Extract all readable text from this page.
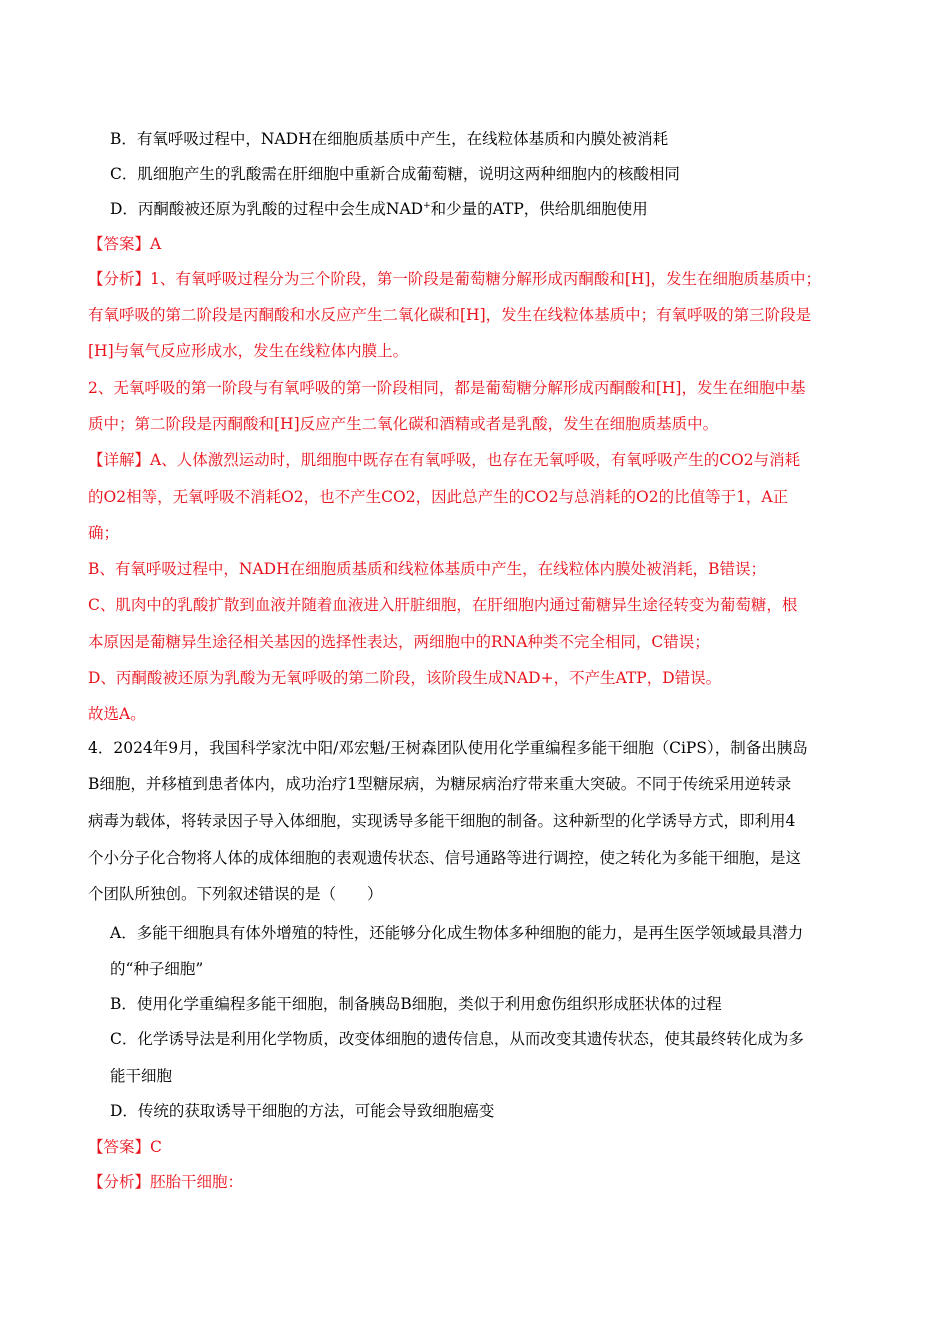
B．有氧呼吸过程中，NADH在细胞质基质中产生，在线粒体基质和内膜处被消耗
C．肌细胞产生的乳酸需在肝细胞中重新合成葡萄糖，说明这两种细胞内的核酸相同
D．丙酮酸被还原为乳酸的过程中会生成NAD+和少量的ATP，供给肌细胞使用
【答案】A
【分析】1、有氧呼吸过程分为三个阶段，第一阶段是葡萄糖分解形成丙酮酸和[H]，发生在细胞质基质中；
有氧呼吸的第二阶段是丙酮酸和水反应产生二氧化碳和[H]，发生在线粒体基质中；有氧呼吸的第三阶段是
[H]与氧气反应形成水，发生在线粒体内膜上。
2、无氧呼吸的第一阶段与有氧呼吸的第一阶段相同，都是葡萄糖分解形成丙酮酸和[H]，发生在细胞中基
质中；第二阶段是丙酮酸和[H]反应产生二氧化碳和酒精或者是乳酸，发生在细胞质基质中。
【详解】A、人体激烈运动时，肌细胞中既存在有氧呼吸，也存在无氧呼吸，有氧呼吸产生的CO2与消耗
的O2相等，无氧呼吸不消耗O2，也不产生CO2，因此总产生的CO2与总消耗的O2的比值等于1，A正
确；
B、有氧呼吸过程中，NADH在细胞质基质和线粒体基质中产生，在线粒体内膜处被消耗，B错误；
C、肌肉中的乳酸扩散到血液并随着血液进入肝脏细胞，在肝细胞内通过葡糖异生途径转变为葡萄糖，根
本原因是葡糖异生途径相关基因的选择性表达，两细胞中的RNA种类不完全相同，C错误；
D、丙酮酸被还原为乳酸为无氧呼吸的第二阶段，该阶段生成NAD+，不产生ATP，D错误。
故选A。
4．2024年9月，我国科学家沈中阳/邓宏魁/王树森团队使用化学重编程多能干细胞（CiPS），制备出胰岛
B细胞，并移植到患者体内，成功治疗1型糖尿病，为糖尿病治疗带来重大突破。不同于传统采用逆转录
病毒为载体，将转录因子导入体细胞，实现诱导多能干细胞的制备。这种新型的化学诱导方式，即利用4
个小分子化合物将人体的成体细胞的表观遗传状态、信号通路等进行调控，使之转化为多能干细胞，是这
个团队所独创。下列叙述错误的是（　　）
A．多能干细胞具有体外增殖的特性，还能够分化成生物体多种细胞的能力，是再生医学领域最具潜力
的“种子细胞”
B．使用化学重编程多能干细胞，制备胰岛B细胞，类似于利用愈伤组织形成胚状体的过程
C．化学诱导法是利用化学物质，改变体细胞的遗传信息，从而改变其遗传状态，使其最终转化成为多
能干细胞
D．传统的获取诱导干细胞的方法，可能会导致细胞癌变
【答案】C
【分析】胚胎干细胞：
